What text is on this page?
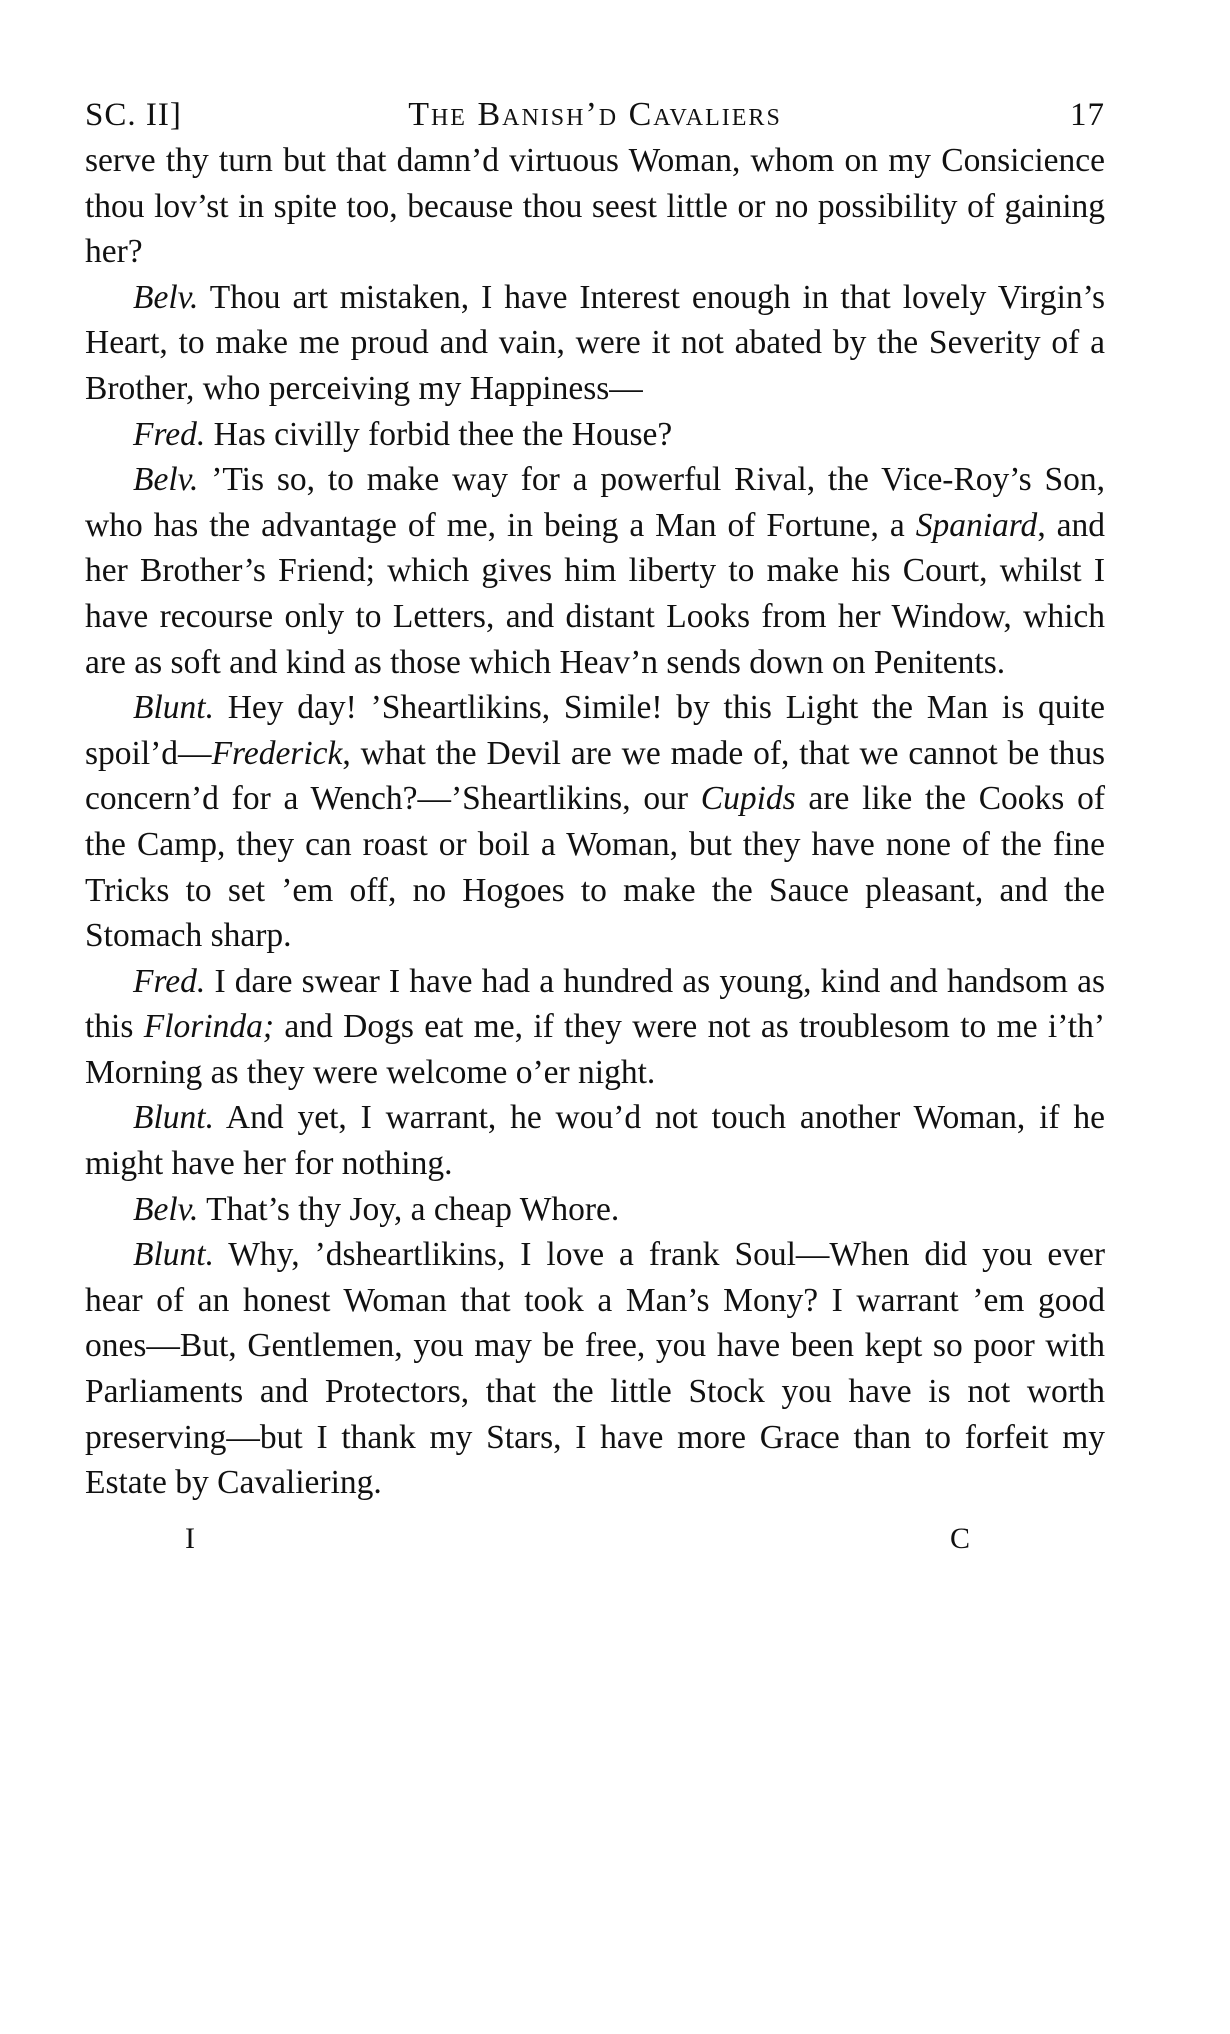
SC. II]	The Banish’d Cavaliers	17

serve thy turn but that damn’d virtuous Woman, whom on my Consicience thou lov’st in spite too, because thou seest little or no possibility of gaining her?

Belv. Thou art mistaken, I have Interest enough in that lovely Virgin’s Heart, to make me proud and vain, were it not abated by the Severity of a Brother, who perceiving my Happiness—

Fred. Has civilly forbid thee the House?

Belv. ’Tis so, to make way for a powerful Rival, the Vice-Roy’s Son, who has the advantage of me, in being a Man of Fortune, a Spaniard, and her Brother’s Friend; which gives him liberty to make his Court, whilst I have recourse only to Letters, and distant Looks from her Window, which are as soft and kind as those which Heav’n sends down on Penitents.

Blunt. Hey day! ’Sheartlikins, Simile! by this Light the Man is quite spoil’d—Frederick, what the Devil are we made of, that we cannot be thus concern’d for a Wench?—’Sheartlikins, our Cupids are like the Cooks of the Camp, they can roast or boil a Woman, but they have none of the fine Tricks to set ’em off, no Hogoes to make the Sauce pleasant, and the Stomach sharp.

Fred. I dare swear I have had a hundred as young, kind and handsom as this Florinda; and Dogs eat me, if they were not as troublesom to me i’th’ Morning as they were welcome o’er night.

Blunt. And yet, I warrant, he wou’d not touch another Woman, if he might have her for nothing.

Belv. That’s thy Joy, a cheap Whore.

Blunt. Why, ’dsheartlikins, I love a frank Soul—When did you ever hear of an honest Woman that took a Man’s Mony? I warrant ’em good ones—But, Gentlemen, you may be free, you have been kept so poor with Parliaments and Protectors, that the little Stock you have is not worth preserving—but I thank my Stars, I have more Grace than to forfeit my Estate by Cavaliering.

I	C
